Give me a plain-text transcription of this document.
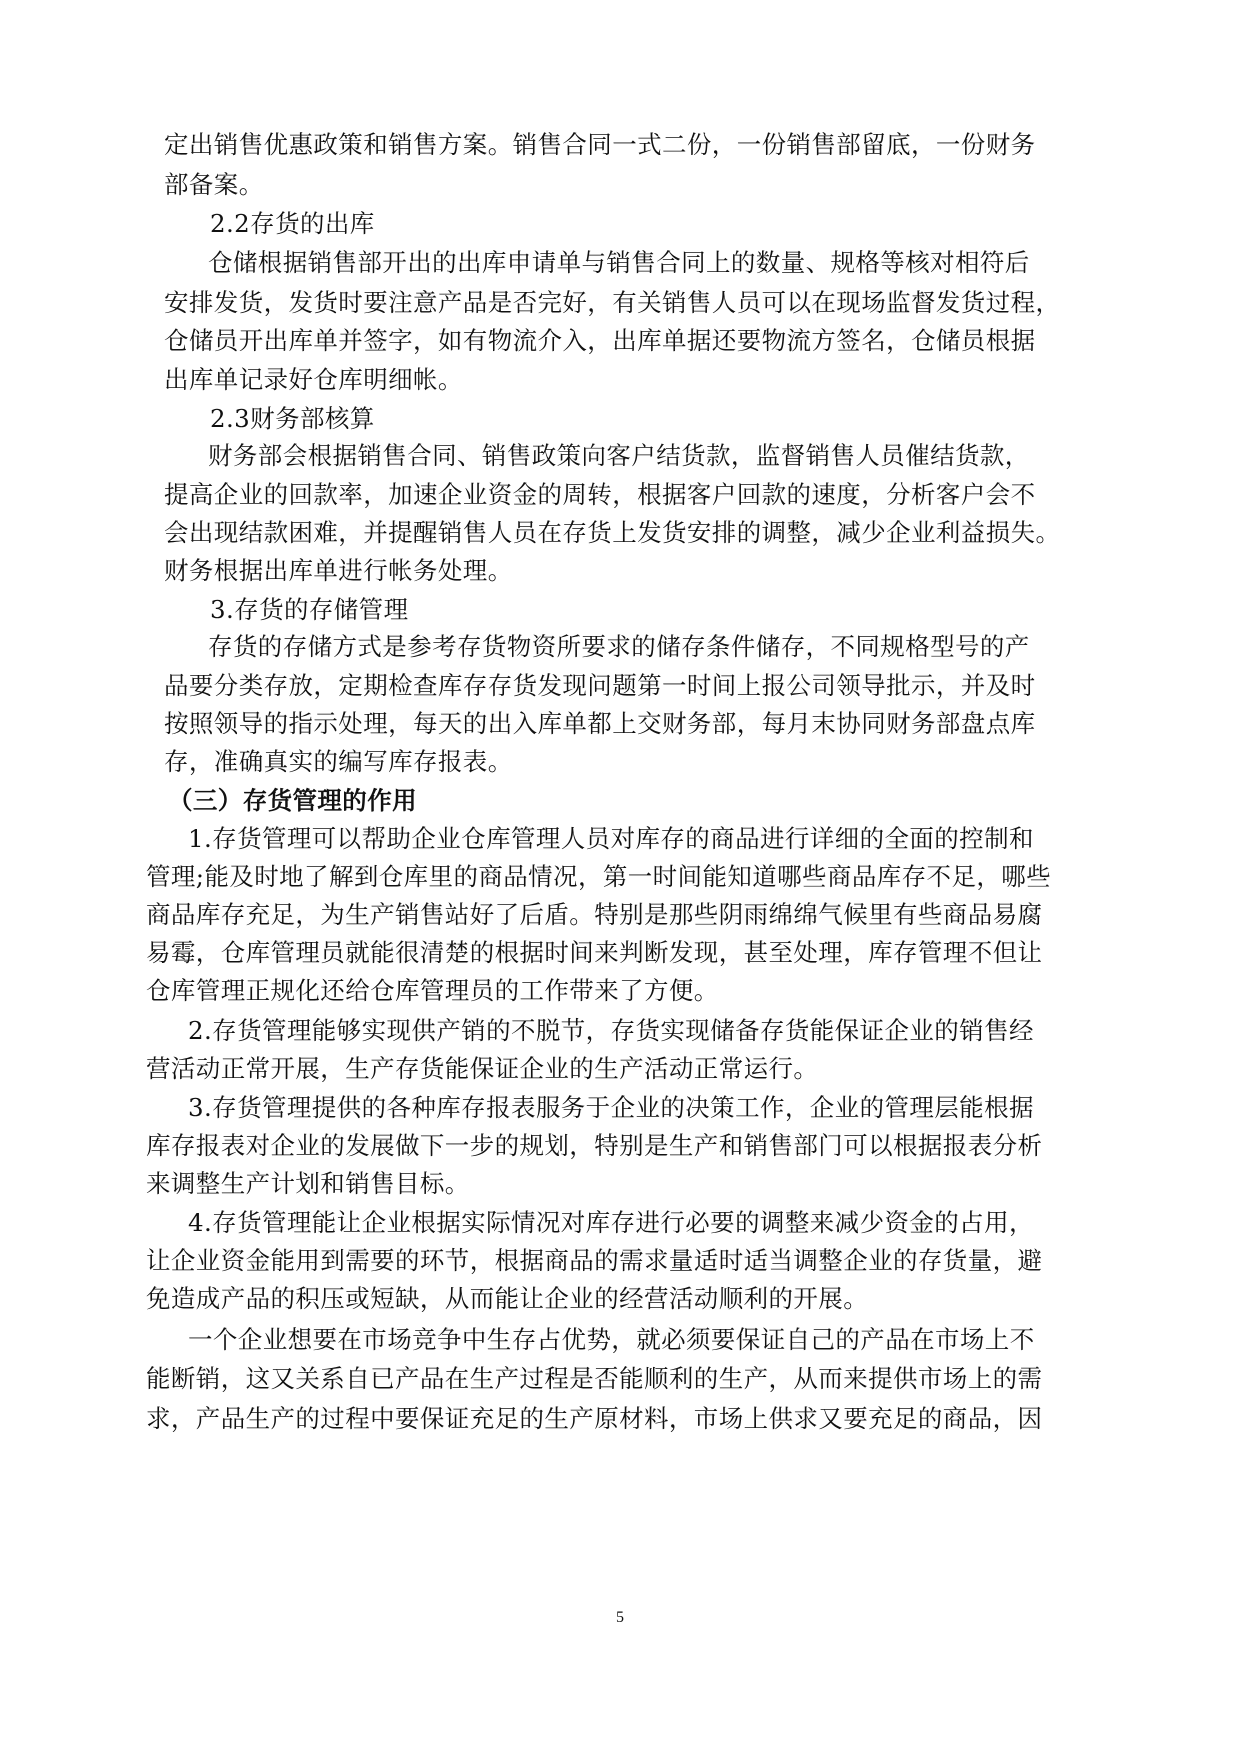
定出销售优惠政策和销售方案。销售合同一式二份，一份销售部留底，一份财务
部备案。
2.2存货的出库
仓储根据销售部开出的出库申请单与销售合同上的数量、规格等核对相符后
安排发货，发货时要注意产品是否完好，有关销售人员可以在现场监督发货过程，
仓储员开出库单并签字，如有物流介入，出库单据还要物流方签名，仓储员根据
出库单记录好仓库明细帐。
2.3财务部核算
财务部会根据销售合同、销售政策向客户结货款，监督销售人员催结货款，
提高企业的回款率，加速企业资金的周转，根据客户回款的速度，分析客户会不
会出现结款困难，并提醒销售人员在存货上发货安排的调整，减少企业利益损失。
财务根据出库单进行帐务处理。
3.存货的存储管理
存货的存储方式是参考存货物资所要求的储存条件储存，不同规格型号的产
品要分类存放，定期检查库存存货发现问题第一时间上报公司领导批示，并及时
按照领导的指示处理，每天的出入库单都上交财务部，每月末协同财务部盘点库
存，准确真实的编写库存报表。
（三）存货管理的作用
1.存货管理可以帮助企业仓库管理人员对库存的商品进行详细的全面的控制和
管理;能及时地了解到仓库里的商品情况，第一时间能知道哪些商品库存不足，哪些
商品库存充足，为生产销售站好了后盾。特别是那些阴雨绵绵气候里有些商品易腐
易霉，仓库管理员就能很清楚的根据时间来判断发现，甚至处理，库存管理不但让
仓库管理正规化还给仓库管理员的工作带来了方便。
2.存货管理能够实现供产销的不脱节，存货实现储备存货能保证企业的销售经
营活动正常开展，生产存货能保证企业的生产活动正常运行。
3.存货管理提供的各种库存报表服务于企业的决策工作，企业的管理层能根据
库存报表对企业的发展做下一步的规划，特别是生产和销售部门可以根据报表分析
来调整生产计划和销售目标。
4.存货管理能让企业根据实际情况对库存进行必要的调整来减少资金的占用，
让企业资金能用到需要的环节，根据商品的需求量适时适当调整企业的存货量，避
免造成产品的积压或短缺，从而能让企业的经营活动顺利的开展。
一个企业想要在市场竞争中生存占优势，就必须要保证自己的产品在市场上不
能断销，这又关系自已产品在生产过程是否能顺利的生产，从而来提供市场上的需
求，产品生产的过程中要保证充足的生产原材料，市场上供求又要充足的商品，因
5
